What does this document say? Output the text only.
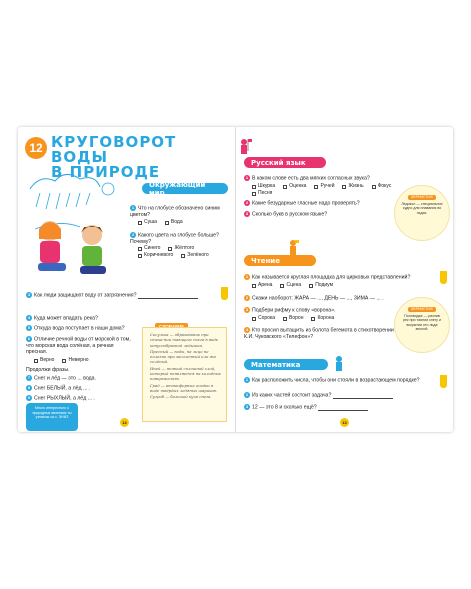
12 КРУГОВОРОТ ВОДЫ
В ПРИРОДЕ
Окружающий мир
1 Что на глобусе обозначено синим цветом?
Суша	Вода
2 Какого цвета на глобусе больше? Почему?
Синего	Жёлтого
Коричневого	Зелёного
3 Как люди защищают воду от загрязнения?
4 Куда может впадать река?
5 Откуда вода поступает в наши дома?
6 Отличие речной воды от морской в том, что морская вода солёная, а речная пресная.
Верно	Неверно
Продолжи фразы.
7 Снег и лёд — это ... вода.
8 Снег БЕЛЫЙ, а лёд ... .
9 Снег РЫХЛЫЙ, а лёд ... .
Много интересного о природных явлениях ты узнаешь из с. ЭНИЗ

Сосулька — образование при стека-нии тающего снега в виде конусообразной ледышки.

Пресный — воды, на лицо не полезно при засоленный или же солёный.

Иней — тонкий сплошной слой, который появляется на холодных поверхностях.

Град — атмосферные осадки в виде твёрдых ледяных шариков.

Сугроб — большой куча снега.

12
Русский язык
1 В каком слове есть два мягких согласных звука?
Шкурка	Оценка	Ручей	Жизнь	Фокус
Песня
2 Какие безударные гласные надо проверять?
3 Сколько букв в русском языке?
ВЕРНИСТЬЯ!
Ледокол — специальное судно для плавания во льдах.
Чтение
1 Как называется круглая площадка для цирковых представлений?
Арена	Сцена	Подиум
2 Скажи наоборот: ЖАРА — ..., ДЕНЬ — ..., ЗИМА — ... .
3 Подбери рифму к слову «ворона».
Сорока	Ворон	Корона
4 Кто просил вытащить из болота бегемота в стихотворении К.И. Чуковского «Телефон»?
ВЕРНИСТЬЯ!
Половодье — разлив рек при таянии снегу и вскрытии ото льда весной.
Математика
1 Как расположить числа, чтобы они стояли в возрастающем порядке?
2 Из каких частей состоит задача?
3 12 — это 8 и сколько ещё?
13
